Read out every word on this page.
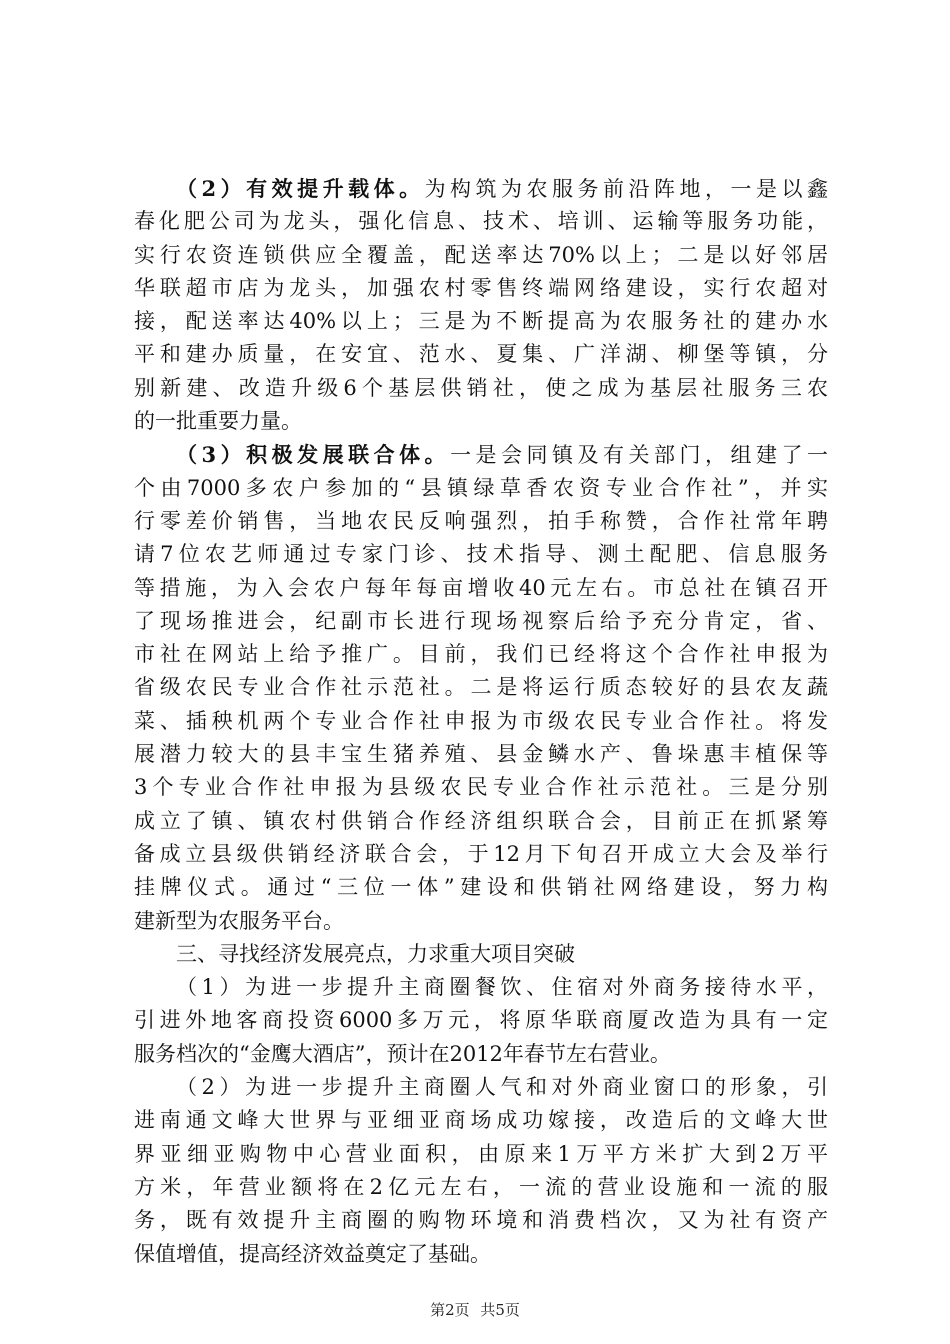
（2）有效提升载体。为构筑为农服务前沿阵地，一是以鑫
春化肥公司为龙头，强化信息、技术、培训、运输等服务功能，
实行农资连锁供应全覆盖，配送率达70%以上；二是以好邻居
华联超市店为龙头，加强农村零售终端网络建设，实行农超对
接，配送率达40%以上；三是为不断提高为农服务社的建办水
平和建办质量，在安宜、范水、夏集、广洋湖、柳堡等镇，分
别新建、改造升级6个基层供销社，使之成为基层社服务三农
的一批重要力量。
（3）积极发展联合体。一是会同镇及有关部门，组建了一
个由7000多农户参加的“县镇绿草香农资专业合作社”，并实
行零差价销售，当地农民反响强烈，拍手称赞，合作社常年聘
请7位农艺师通过专家门诊、技术指导、测土配肥、信息服务
等措施，为入会农户每年每亩增收40元左右。市总社在镇召开
了现场推进会，纪副市长进行现场视察后给予充分肯定，省、
市社在网站上给予推广。目前，我们已经将这个合作社申报为
省级农民专业合作社示范社。二是将运行质态较好的县农友蔬
菜、插秧机两个专业合作社申报为市级农民专业合作社。将发
展潜力较大的县丰宝生猪养殖、县金鳞水产、鲁垛惠丰植保等
3个专业合作社申报为县级农民专业合作社示范社。三是分别
成立了镇、镇农村供销合作经济组织联合会，目前正在抓紧筹
备成立县级供销经济联合会，于12月下旬召开成立大会及举行
挂牌仪式。通过“三位一体”建设和供销社网络建设，努力构
建新型为农服务平台。
三、寻找经济发展亮点，力求重大项目突破
（1）为进一步提升主商圈餐饮、住宿对外商务接待水平，
引进外地客商投资6000多万元，将原华联商厦改造为具有一定
服务档次的“金鹰大酒店”，预计在2012年春节左右营业。
（2）为进一步提升主商圈人气和对外商业窗口的形象，引
进南通文峰大世界与亚细亚商场成功嫁接，改造后的文峰大世
界亚细亚购物中心营业面积，由原来1万平方米扩大到2万平
方米，年营业额将在2亿元左右，一流的营业设施和一流的服
务，既有效提升主商圈的购物环境和消费档次，又为社有资产
保值增值，提高经济效益奠定了基础。
第2页 共5页
